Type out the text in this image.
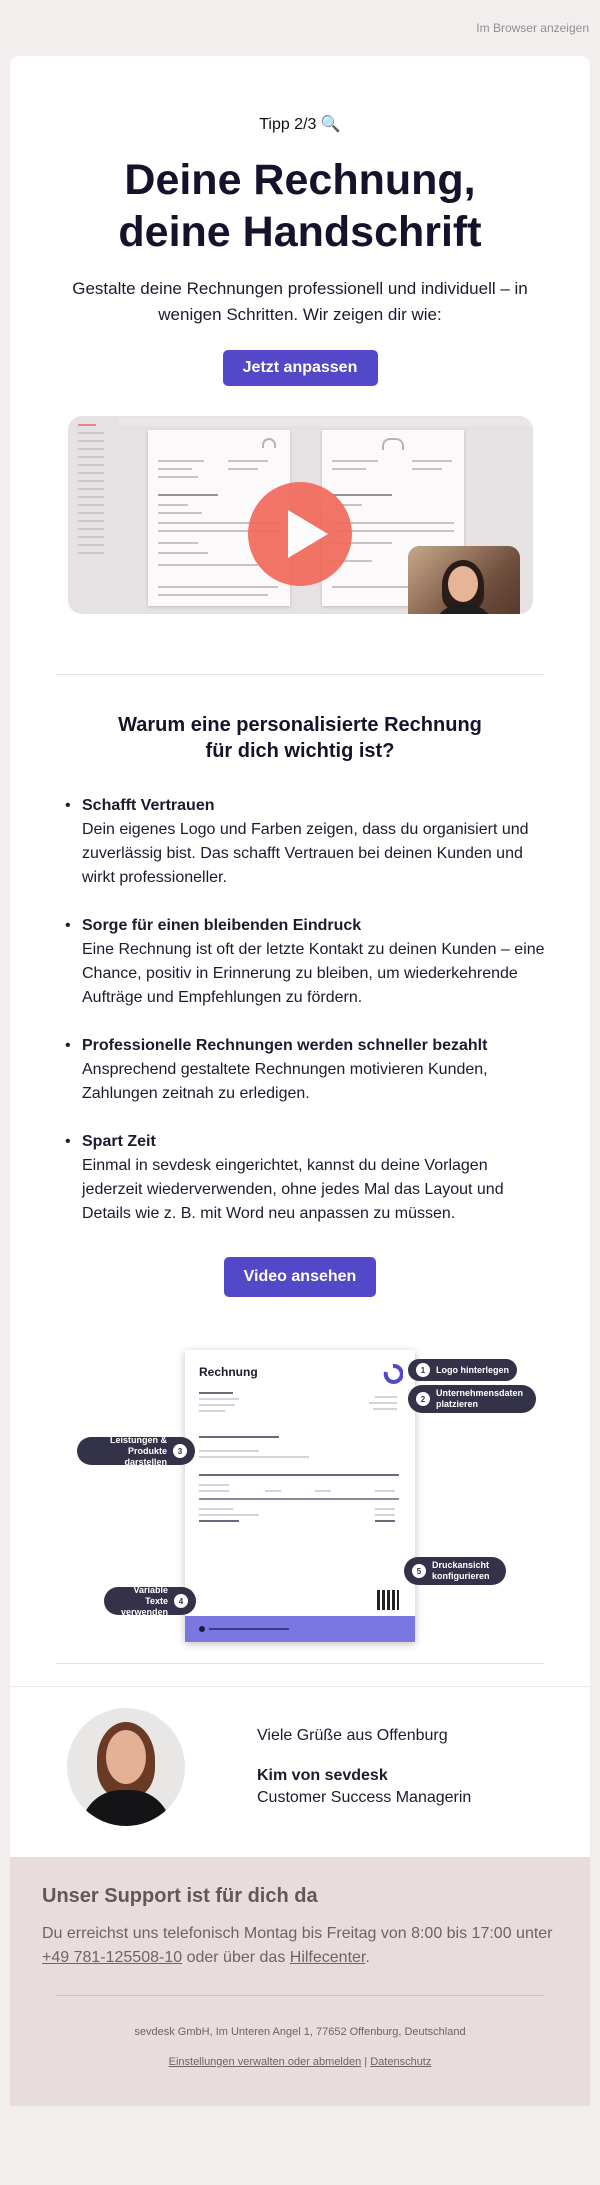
Im Browser anzeigen
Tipp 2/3 🔍
Deine Rechnung,
deine Handschrift

Gestalte deine Rechnungen professionell und individuell – in wenigen Schritten. Wir zeigen dir wie:

Jetzt anpassen
Warum eine personalisierte Rechnung
für dich wichtig ist?
• Schafft Vertrauen
Dein eigenes Logo und Farben zeigen, dass du organisiert und zuverlässig bist. Das schafft Vertrauen bei deinen Kunden und wirkt professioneller.
• Sorge für einen bleibenden Eindruck
Eine Rechnung ist oft der letzte Kontakt zu deinen Kunden – eine Chance, positiv in Erinnerung zu bleiben, um wiederkehrende Aufträge und Empfehlungen zu fördern.
• Professionelle Rechnungen werden schneller bezahlt
Ansprechend gestaltete Rechnungen motivieren Kunden, Zahlungen zeitnah zu erledigen.
• Spart Zeit
Einmal in sevdesk eingerichtet, kannst du deine Vorlagen jederzeit wiederverwenden, ohne jedes Mal das Layout und Details wie z. B. mit Word neu anpassen zu müssen.
Video ansehen
Rechnung	1	Logo hinterlegen
2
Unternehmensdaten platzieren
Leistungen & Produkte darstellen
3
5
Druckansicht konfigurieren
Variable Texte verwenden
4
Viele Grüße aus Offenburg
Kim von sevdesk
Customer Success Managerin
Unser Support ist für dich da

Du erreichst uns telefonisch Montag bis Freitag von 8:00 bis 17:00 unter +49 781-125508-10 oder über das Hilfecenter.

sevdesk GmbH, Im Unteren Angel 1, 77652 Offenburg, Deutschland
Einstellungen verwalten oder abmelden | Datenschutz
